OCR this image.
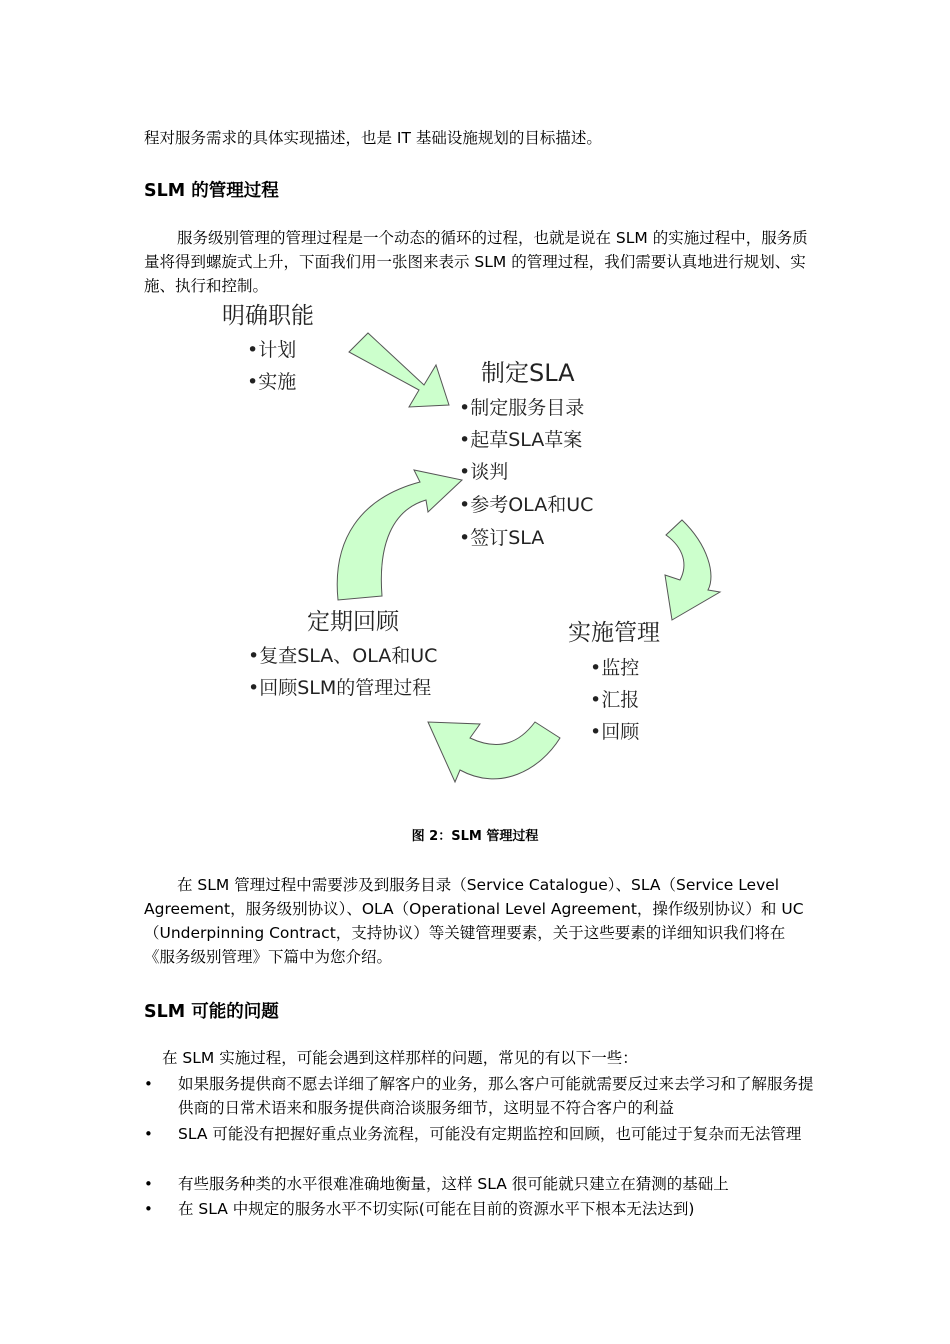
程对服务需求的具体实现描述，也是 IT 基础设施规划的目标描述。
SLM 的管理过程
服务级别管理的管理过程是一个动态的循环的过程，也就是说在 SLM 的实施过程中，服务质量将得到螺旋式上升，下面我们用一张图来表示 SLM 的管理过程，我们需要认真地进行规划、实施、执行和控制。
明确职能
•计划
•实施	制定SLA
•制定服务目录
•起草SLA草案
•谈判
•参考OLA和UC
•签订SLA
实施管理
•监控
•汇报
•回顾
定期回顾
•复查SLA、OLA和UC
•回顾SLM的管理过程
图 2：SLM 管理过程
在 SLM 管理过程中需要涉及到服务目录（Service Catalogue）、SLA（Service Level Agreement，服务级别协议）、OLA（Operational Level Agreement，操作级别协议）和 UC（Underpinning Contract，支持协议）等关键管理要素，关于这些要素的详细知识我们将在《服务级别管理》下篇中为您介绍。
SLM 可能的问题
在 SLM 实施过程，可能会遇到这样那样的问题，常见的有以下一些：
•	如果服务提供商不愿去详细了解客户的业务，那么客户可能就需要反过来去学习和了解服务提供商的日常术语来和服务提供商洽谈服务细节，这明显不符合客户的利益
•	SLA 可能没有把握好重点业务流程，可能没有定期监控和回顾，也可能过于复杂而无法管理
•	有些服务种类的水平很难准确地衡量，这样 SLA 很可能就只建立在猜测的基础上
•	在 SLA 中规定的服务水平不切实际(可能在目前的资源水平下根本无法达到)
